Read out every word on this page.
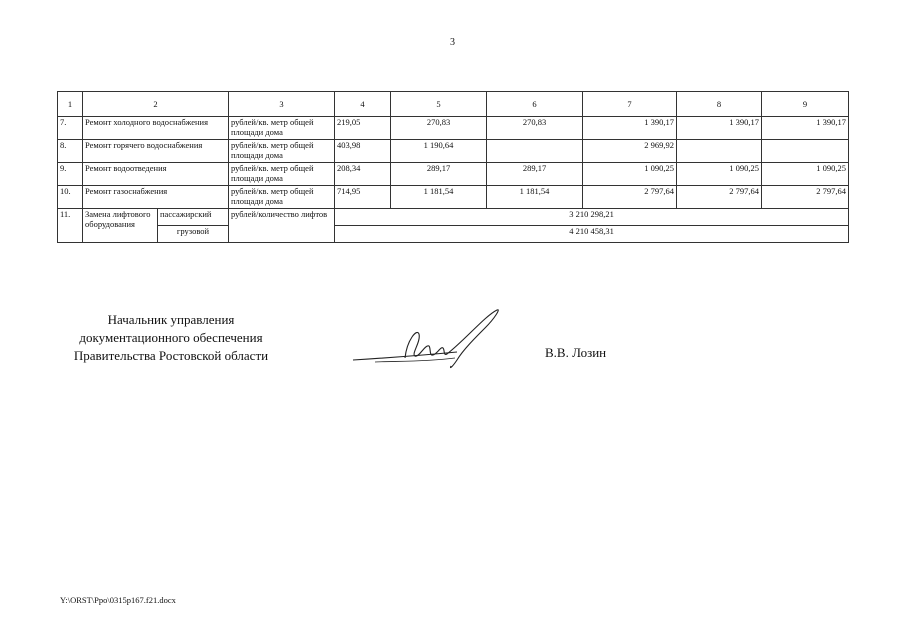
3
1	2		3	4	5	6	7	8	9
7.	Ремонт холодного водоснабжения		рублей/кв. метр общей площади дома	219,05	270,83	270,83	1 390,17	1 390,17	1 390,17
8.	Ремонт горячего водоснабжения		рублей/кв. метр общей площади дома	403,98	1 190,64		2 969,92		
9.	Ремонт водоотведения		рублей/кв. метр общей площади дома	208,34	289,17	289,17	1 090,25	1 090,25	1 090,25
10.	Ремонт газоснабжения		рублей/кв. метр общей площади дома	714,95	1 181,54	1 181,54	2 797,64	2 797,64	2 797,64
11.	Замена лифтового оборудования	пассажирский	рублей/количество лифтов	3 210 298,21					
		грузовой		4 210 458,31					
Начальник управления
документационного обеспечения
Правительства Ростовской области	В.В. Лозин
Y:\ORST\Ppo\0315p167.f21.docx
